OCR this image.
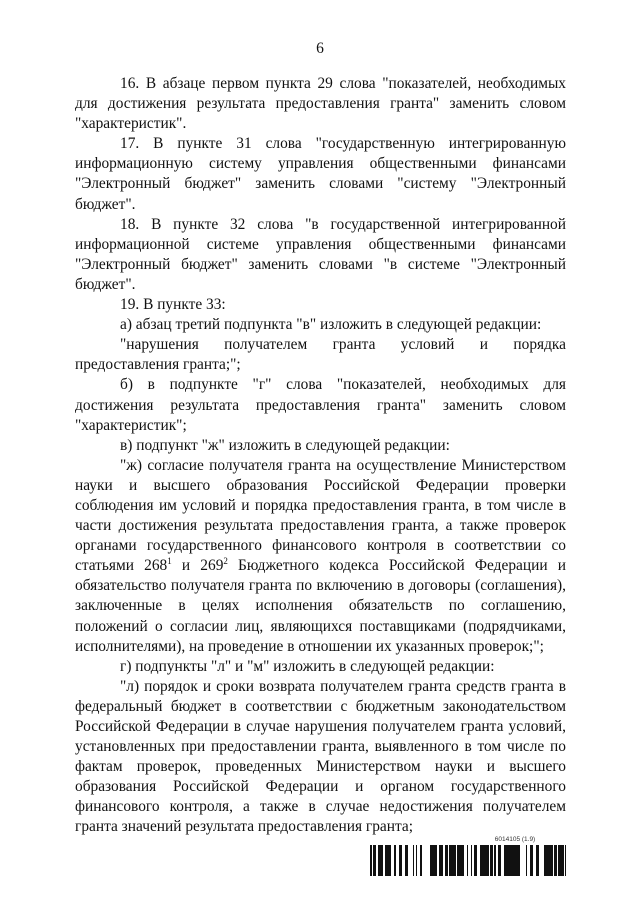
6

16. В абзаце первом пункта 29 слова "показателей, необходимых для достижения результата предоставления гранта" заменить словом "характеристик".

17. В пункте 31 слова "государственную интегрированную информационную систему управления общественными финансами "Электронный бюджет" заменить словами "систему "Электронный бюджет".

18. В пункте 32 слова "в государственной интегрированной информационной системе управления общественными финансами "Электронный бюджет" заменить словами "в системе "Электронный бюджет".

19. В пункте 33:

а) абзац третий подпункта "в" изложить в следующей редакции:

"нарушения получателем гранта условий и порядка предоставления гранта;";

б) в подпункте "г" слова "показателей, необходимых для достижения результата предоставления гранта" заменить словом "характеристик";

в) подпункт "ж" изложить в следующей редакции:

"ж) согласие получателя гранта на осуществление Министерством науки и высшего образования Российской Федерации проверки соблюдения им условий и порядка предоставления гранта, в том числе в части достижения результата предоставления гранта, а также проверок органами государственного финансового контроля в соответствии со статьями $268^1$ и $269^2$ Бюджетного кодекса Российской Федерации и обязательство получателя гранта по включению в договоры (соглашения), заключенные в целях исполнения обязательств по соглашению, положений о согласии лиц, являющихся поставщиками (подрядчиками, исполнителями), на проведение в отношении их указанных проверок;";

г) подпункты "л" и "м" изложить в следующей редакции:

"л) порядок и сроки возврата получателем гранта средств гранта в федеральный бюджет в соответствии с бюджетным законодательством Российской Федерации в случае нарушения получателем гранта условий, установленных при предоставлении гранта, выявленного в том числе по фактам проверок, проведенных Министерством науки и высшего образования Российской Федерации и органом государственного финансового контроля, а также в случае недостижения получателем гранта значений результата предоставления гранта;

6014105 (1.9)
